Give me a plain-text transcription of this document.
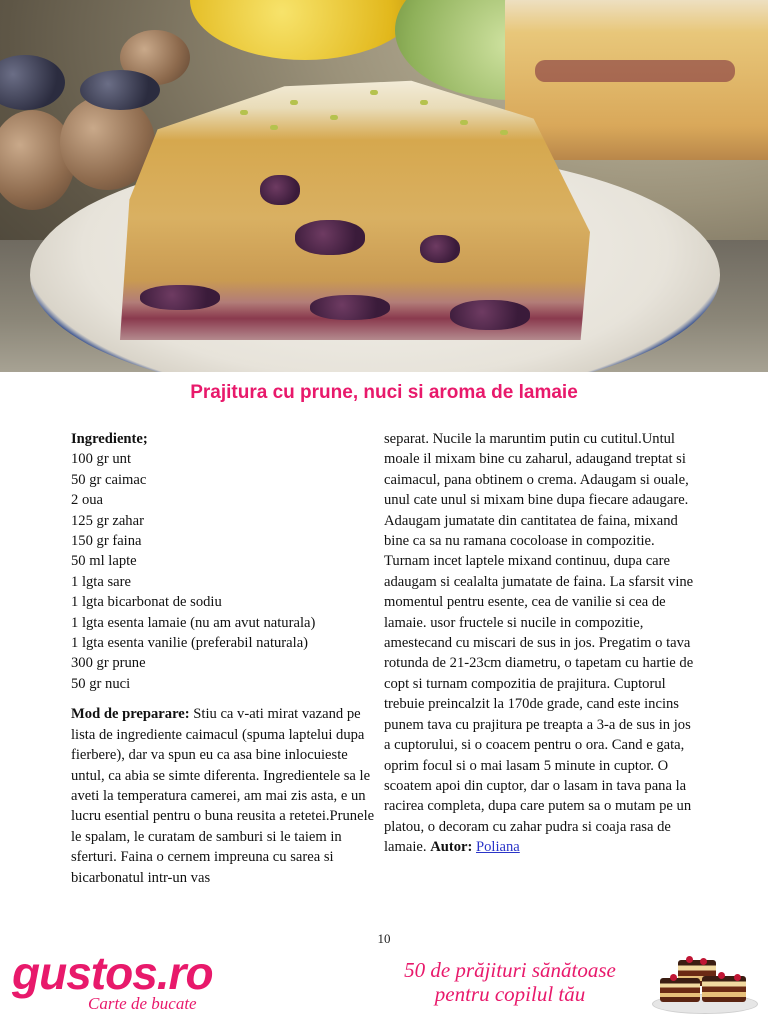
Prajitura cu prune, nuci si aroma de lamaie

Ingrediente;

100 gr unt

50 gr caimac

2 oua

125 gr zahar

150 gr faina

50 ml lapte

1 lgta sare

1 lgta bicarbonat de sodiu

1 lgta esenta lamaie (nu am avut naturala)

1 lgta esenta vanilie (preferabil naturala)

300 gr prune

50 gr nuci

Mod de preparare: Stiu ca v-ati mirat vazand pe lista de ingrediente caimacul (spuma laptelui dupa fierbere), dar va spun eu ca asa bine inlocuieste untul, ca abia se simte diferenta. Ingredientele sa le aveti la temperatura camerei, am mai zis asta, e un lucru esential pentru o buna reusita a retetei.Prunele le spalam, le curatam de samburi si le taiem in sferturi. Faina o cernem impreuna cu sarea si bicarbonatul intr-un vas

separat. Nucile la maruntim putin cu cutitul.Untul moale il mixam bine cu zaharul, adaugand treptat si caimacul, pana obtinem o crema. Adaugam si ouale, unul cate unul si mixam bine dupa fiecare adaugare. Adaugam jumatate din cantitatea de faina, mixand bine ca sa nu ramana cocoloase in compozitie. Turnam incet laptele mixand continuu, dupa care adaugam si cealalta jumatate de faina. La sfarsit vine momentul pentru esente, cea de vanilie si cea de lamaie. usor fructele si nucile in compozitie, amestecand cu miscari de sus in jos. Pregatim o tava rotunda de 21-23cm diametru, o tapetam cu hartie de copt si turnam compozitia de prajitura. Cuptorul trebuie preincalzit la 170de grade, cand este incins punem tava cu prajitura pe treapta a 3-a de sus in jos a cuptorului, si o coacem pentru o ora. Cand e gata, oprim focul si o mai lasam 5 minute in cuptor. O scoatem apoi din cuptor, dar o lasam in tava pana la racirea completa, dupa care putem sa o mutam pe un platou, o decoram cu zahar pudra si coaja rasa de lamaie. Autor: Poliana

10
gustos.ro
Carte de bucate
50 de prăjituri sănătoase
pentru copilul tău
